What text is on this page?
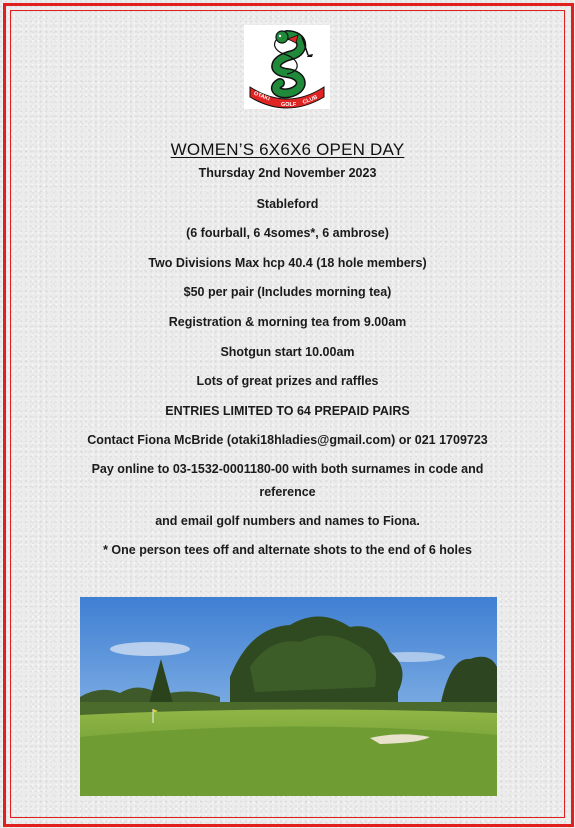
OTAKI
GOLF CLUB
WOMEN’S 6X6X6 OPEN DAY
Thursday 2nd November 2023
Stableford
(6 fourball, 6 4somes*, 6 ambrose)
Two Divisions Max hcp 40.4 (18 hole members)
$50 per pair (Includes morning tea)
Registration & morning tea from 9.00am
Shotgun start 10.00am
Lots of great prizes and raffles
ENTRIES LIMITED TO 64 PREPAID PAIRS
Contact Fiona McBride (otaki18hladies@gmail.com) or 021 1709723
Pay online to 03-1532-0001180-00 with both surnames in code and
reference
and email golf numbers and names to Fiona.
* One person tees off and alternate shots to the end of 6 holes
